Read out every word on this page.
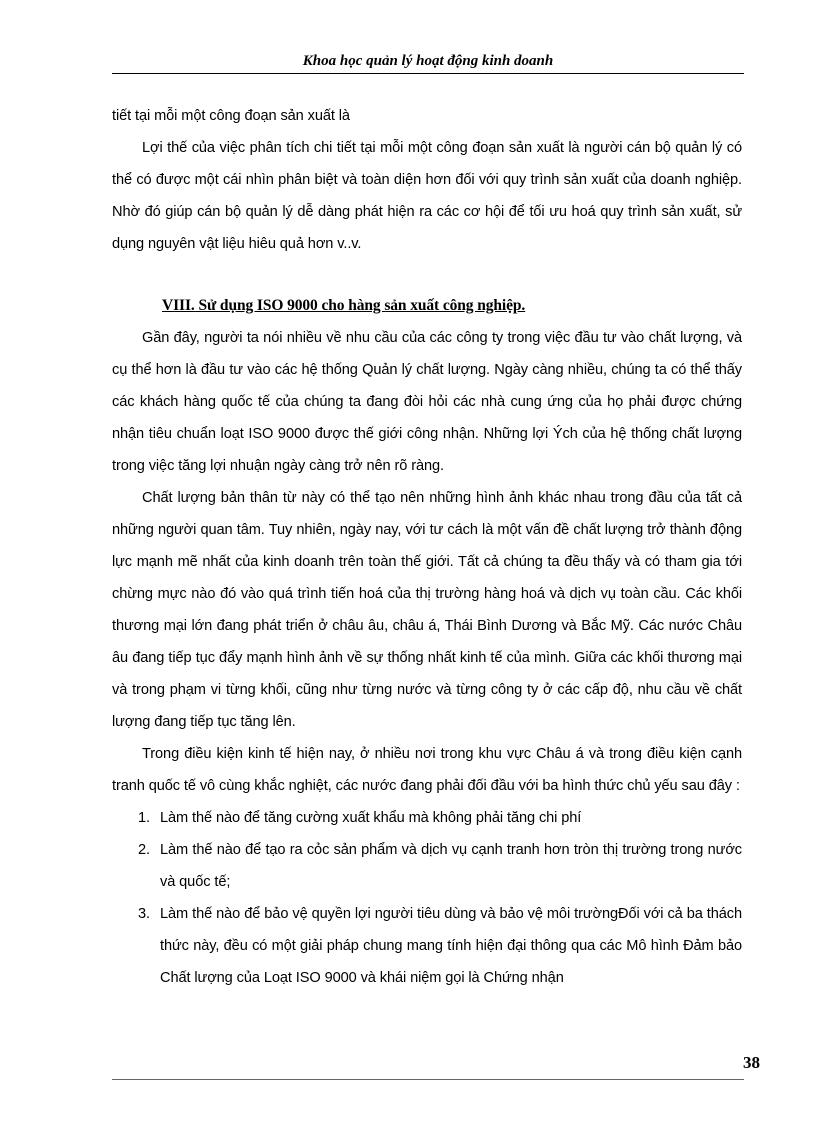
Khoa học quản lý hoạt động kinh doanh

tiết tại mỗi một công đoạn sản xuất là

Lợi thế của việc phân tích chi tiết tại mỗi một công đoạn sản xuất là người cán bộ quản lý có thể có được một cái nhìn phân biệt và toàn diện hơn đối với quy trình sản xuất của doanh nghiệp. Nhờ đó giúp cán bộ quản lý dễ dàng phát hiện ra các cơ hội để tối ưu hoá quy trình sản xuất, sử dụng nguyên vật liệu hiêu quả hơn v..v.

VIII. Sử dụng ISO 9000 cho hàng sản xuất công nghiệp.

Gần đây, người ta nói nhiều về nhu cầu của các công ty trong việc đầu tư vào chất lượng, và cụ thể hơn là đầu tư vào các hệ thống Quản lý chất lượng. Ngày càng nhiều, chúng ta có thể thấy các khách hàng quốc tế của chúng ta đang đòi hỏi các nhà cung ứng của họ phải được chứng nhận tiêu chuẩn loạt ISO 9000 được thế giới công nhận. Những lợi Ých của hệ thống chất lượng trong việc tăng lợi nhuận ngày càng trở nên rõ ràng.

Chất lượng bản thân từ này có thể tạo nên những hình ảnh khác nhau trong đầu của tất cả những người quan tâm. Tuy nhiên, ngày nay, với tư cách là một vấn đề chất lượng trở thành động lực mạnh mẽ nhất của kinh doanh trên toàn thế giới. Tất cả chúng ta đều thấy và có tham gia tới chừng mực nào đó vào quá trình tiến hoá của thị trường hàng hoá và dịch vụ toàn cầu. Các khối thương mại lớn đang phát triển ở châu âu, châu á, Thái Bình Dương và Bắc Mỹ. Các nước Châu âu đang tiếp tục đẩy mạnh hình ảnh về sự thống nhất kinh tế của mình. Giữa các khối thương mại và trong phạm vi từng khối, cũng như từng nước và từng công ty ở các cấp độ, nhu cầu về chất lượng đang tiếp tục tăng lên.

Trong điều kiện kinh tế hiện nay, ở nhiều nơi trong khu vực Châu á và trong điều kiện cạnh tranh quốc tế vô cùng khắc nghiệt, các nước đang phải đối đầu với ba hình thức chủ yếu sau đây :

1. Làm thế nào để tăng cường xuất khẩu mà không phải tăng chi phí
2. Làm thế nào để tạo ra cỏc sản phẩm và dịch vụ cạnh tranh hơn tròn thị trường trong nước và quốc tế;
3. Làm thế nào để bảo vệ quyền lợi người tiêu dùng và bảo vệ môi trườngĐối với cả ba thách thức này, đều có một giải pháp chung mang tính hiện đại thông qua các Mô hình Đảm bảo Chất lượng của Loạt ISO 9000 và khái niệm gọi là Chứng nhận
38
